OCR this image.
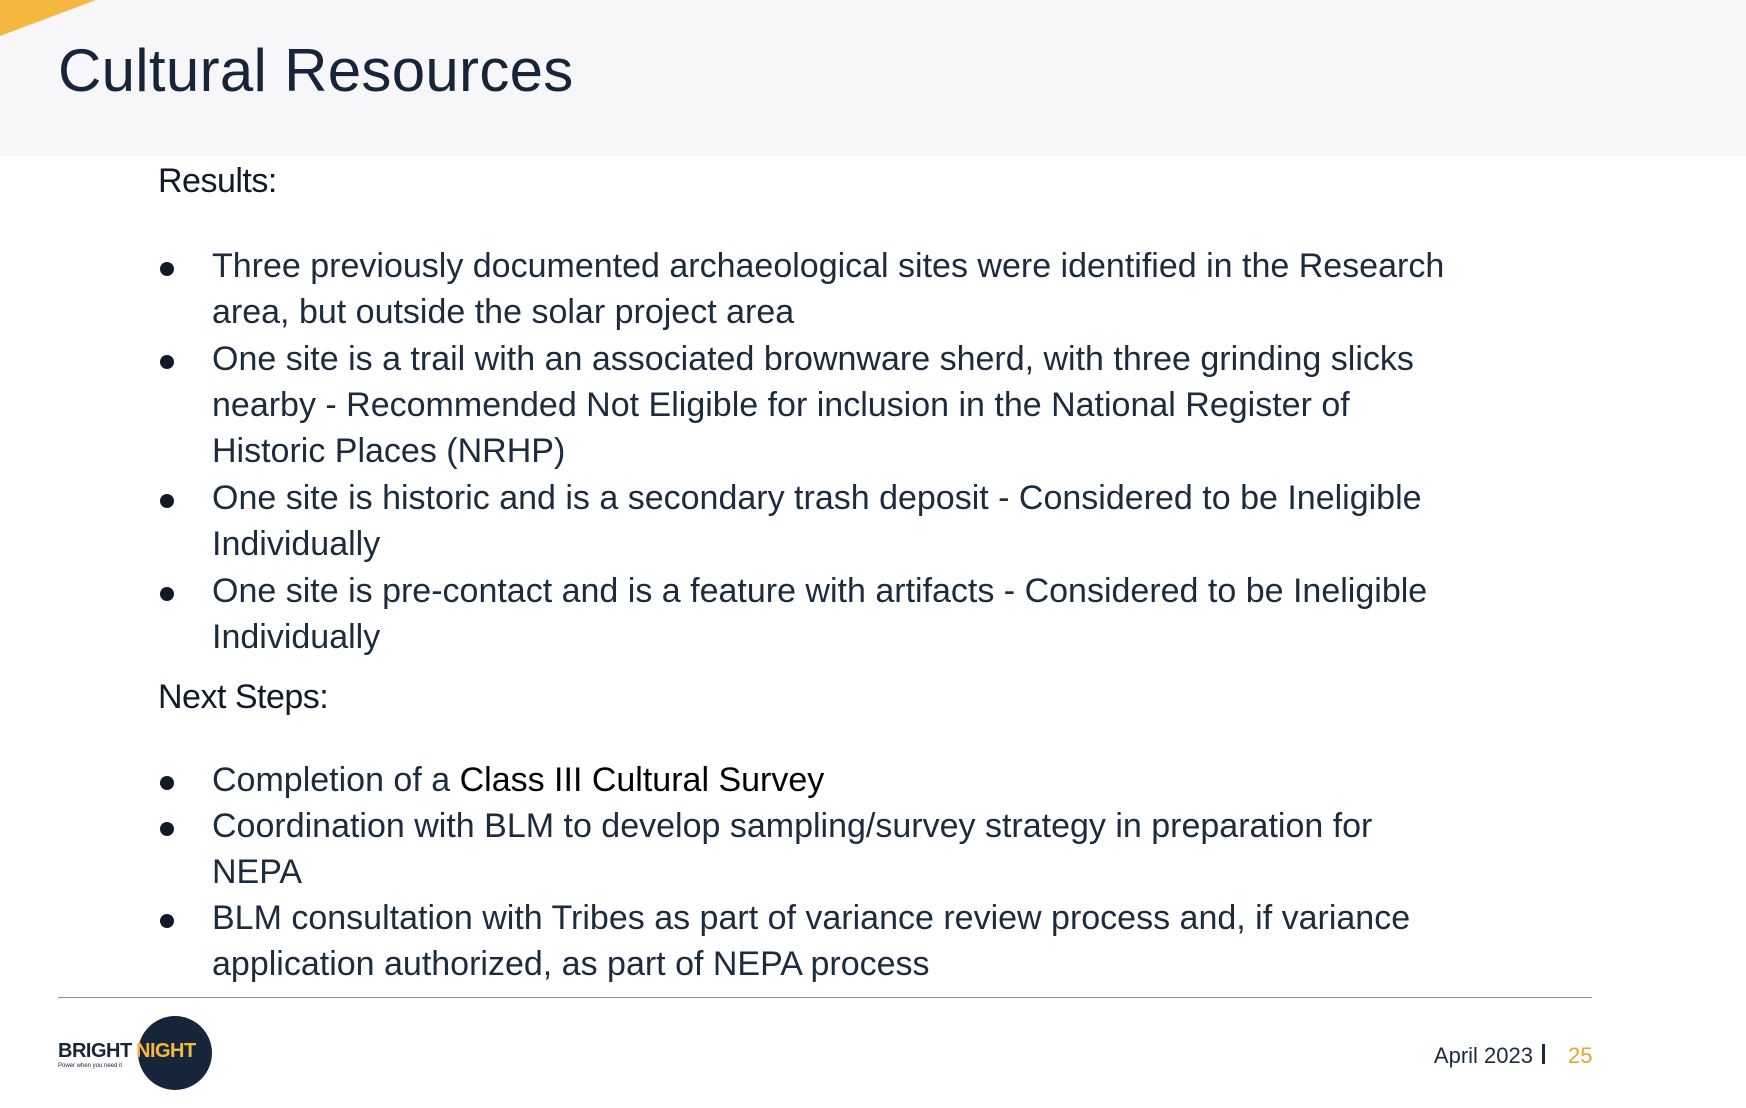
Cultural Resources
Results:
Three previously documented archaeological sites were identified in the Research area, but outside the solar project area
One site is a trail with an associated brownware sherd, with three grinding slicks nearby - Recommended Not Eligible for inclusion in the National Register of Historic Places (NRHP)
One site is historic and is a secondary trash deposit - Considered to be Ineligible Individually
One site is pre-contact and is a feature with artifacts - Considered to be Ineligible Individually
Next Steps:
Completion of a Class III Cultural Survey
Coordination with BLM to develop sampling/survey strategy in preparation for NEPA
BLM consultation with Tribes as part of variance review process and, if variance application authorized, as part of NEPA process
BRIGHT NIGHT
Power when you need it	April 2023 25
